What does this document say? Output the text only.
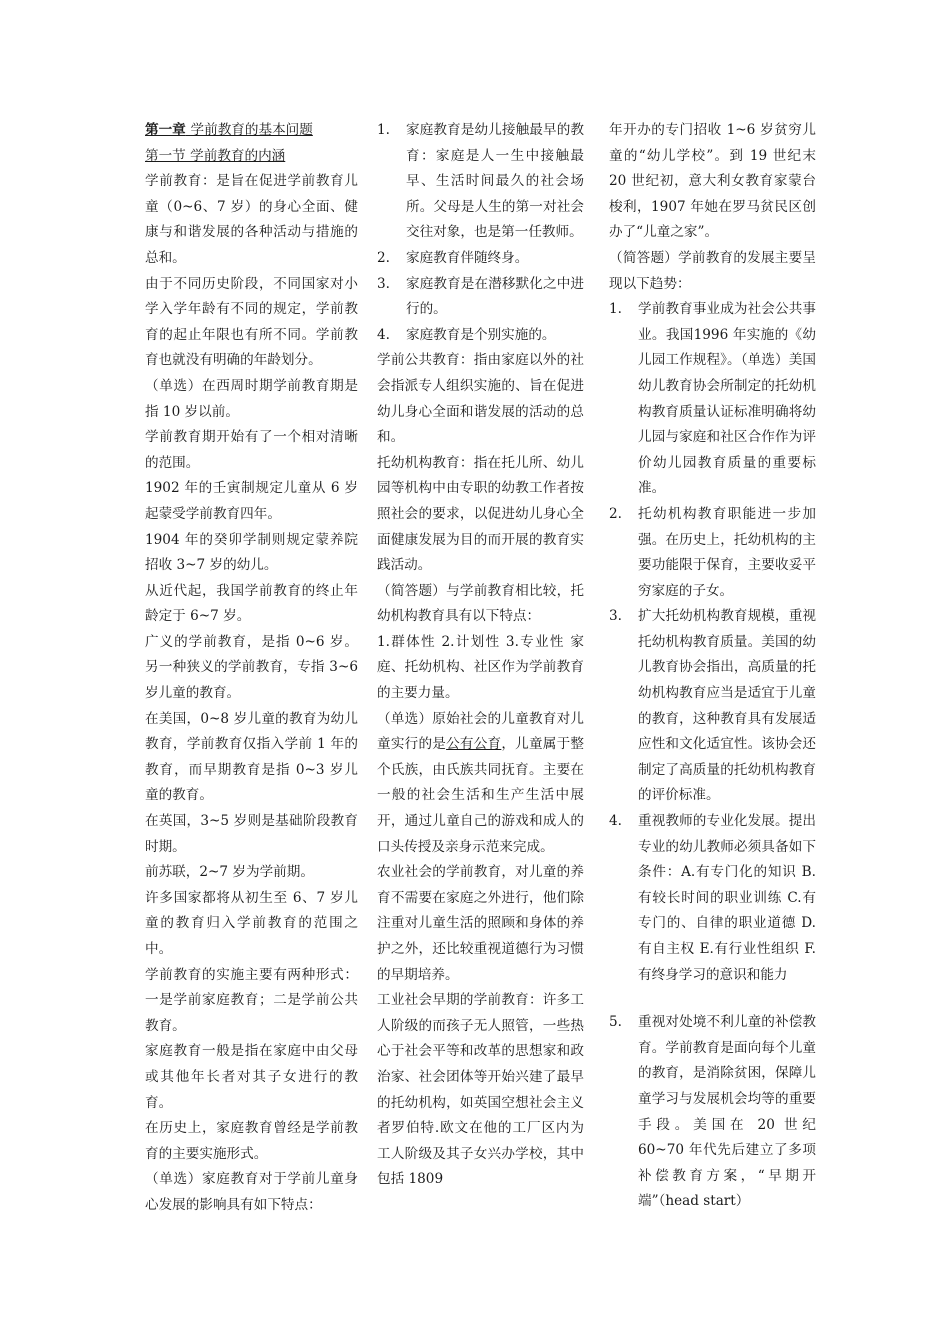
第一章 学前教育的基本问题

第一节 学前教育的内涵

学前教育：是旨在促进学前教育儿童（0~6、7 岁）的身心全面、健康与和谐发展的各种活动与措施的总和。

由于不同历史阶段，不同国家对小学入学年龄有不同的规定，学前教育的起止年限也有所不同。学前教育也就没有明确的年龄划分。

（单选）在西周时期学前教育期是指 10 岁以前。

学前教育期开始有了一个相对清晰的范围。

1902 年的壬寅制规定儿童从 6 岁起蒙受学前教育四年。

1904 年的癸卯学制则规定蒙养院招收 3~7 岁的幼儿。

从近代起，我国学前教育的终止年龄定于 6~7 岁。

广义的学前教育，是指 0~6 岁。另一种狭义的学前教育，专指 3~6 岁儿童的教育。

在美国，0~8 岁儿童的教育为幼儿教育，学前教育仅指入学前 1 年的教育，而早期教育是指 0~3 岁儿童的教育。

在英国，3~5 岁则是基础阶段教育时期。

前苏联，2~7 岁为学前期。

许多国家都将从初生至 6、7 岁儿童的教育归入学前教育的范围之中。

学前教育的实施主要有两种形式：一是学前家庭教育；二是学前公共教育。

家庭教育一般是指在家庭中由父母或其他年长者对其子女进行的教育。

在历史上，家庭教育曾经是学前教育的主要实施形式。

（单选）家庭教育对于学前儿童身心发展的影响具有如下特点：

1.	家庭教育是幼儿接触最早的教育：家庭是人一生中接触最早、生活时间最久的社会场所。父母是人生的第一对社会交往对象，也是第一任教师。
2.	家庭教育伴随终身。
3.	家庭教育是在潜移默化之中进行的。
4.	家庭教育是个别实施的。

学前公共教育：指由家庭以外的社会指派专人组织实施的、旨在促进幼儿身心全面和谐发展的活动的总和。

托幼机构教育：指在托儿所、幼儿园等机构中由专职的幼教工作者按照社会的要求，以促进幼儿身心全面健康发展为目的而开展的教育实践活动。

（简答题）与学前教育相比较，托幼机构教育具有以下特点：

1.群体性 2.计划性 3.专业性 家庭、托幼机构、社区作为学前教育的主要力量。

（单选）原始社会的儿童教育对儿童实行的是公有公育，儿童属于整个氏族，由氏族共同抚育。主要在一般的社会生活和生产生活中展开，通过儿童自己的游戏和成人的口头传授及亲身示范来完成。

农业社会的学前教育，对儿童的养育不需要在家庭之外进行，他们除注重对儿童生活的照顾和身体的养护之外，还比较重视道德行为习惯的早期培养。

工业社会早期的学前教育：许多工人阶级的而孩子无人照管，一些热心于社会平等和改革的思想家和政治家、社会团体等开始兴建了最早的托幼机构，如英国空想社会主义者罗伯特.欧文在他的工厂区内为工人阶级及其子女兴办学校，其中包括 1809

年开办的专门招收 1~6 岁贫穷儿童的“幼儿学校”。到 19 世纪末 20 世纪初，意大利女教育家蒙台梭利，1907 年她在罗马贫民区创办了“儿童之家”。

（简答题）学前教育的发展主要呈现以下趋势：

1.	学前教育事业成为社会公共事业。我国1996 年实施的《幼儿园工作规程》。（单选）美国幼儿教育协会所制定的托幼机构教育质量认证标准明确将幼儿园与家庭和社区合作作为评价幼儿园教育质量的重要标准。
2.	托幼机构教育职能进一步加强。在历史上，托幼机构的主要功能限于保育，主要收妥平穷家庭的子女。
3.	扩大托幼机构教育规模，重视托幼机构教育质量。美国的幼儿教育协会指出，高质量的托幼机构教育应当是适宜于儿童的教育，这种教育具有发展适应性和文化适宜性。该协会还制定了高质量的托幼机构教育的评价标准。
4.	重视教师的专业化发展。提出专业的幼儿教师必须具备如下条件：A.有专门化的知识 B.有较长时间的职业训练 C.有专门的、自律的职业道德 D.有自主权 E.有行业性组织 F.有终身学习的意识和能力
5.	重视对处境不利儿童的补偿教育。学前教育是面向每个儿童的教育，是消除贫困，保障儿童学习与发展机会均等的重要手段。美国在 20 世纪 60~70 年代先后建立了多项补偿教育方案，“早期开端”（head start）
